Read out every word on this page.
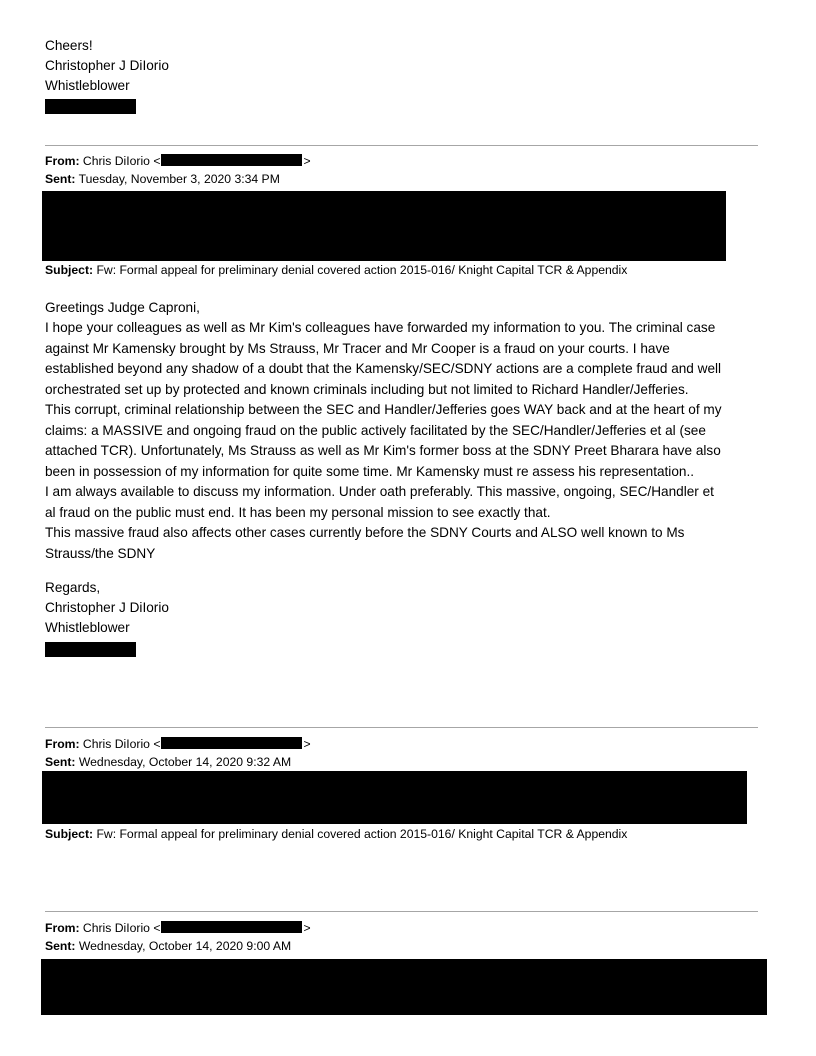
Cheers!
Christopher J DiIorio
Whistleblower
From: Chris DiIorio <	>
Sent: Tuesday, November 3, 2020 3:34 PM
Subject: Fw: Formal appeal for preliminary denial covered action 2015-016/ Knight Capital TCR & Appendix
Greetings Judge Caproni,
I hope your colleagues as well as Mr Kim's colleagues have forwarded my information to you. The criminal case
against Mr Kamensky brought by Ms Strauss, Mr Tracer and Mr Cooper is a fraud on your courts. I have
established beyond any shadow of a doubt that the Kamensky/SEC/SDNY actions are a complete fraud and well
orchestrated set up by protected and known criminals including but not limited to Richard Handler/Jefferies.
This corrupt, criminal relationship between the SEC and Handler/Jefferies goes WAY back and at the heart of my
claims: a MASSIVE and ongoing fraud on the public actively facilitated by the SEC/Handler/Jefferies et al (see
attached TCR). Unfortunately, Ms Strauss as well as Mr Kim's former boss at the SDNY Preet Bharara have also
been in possession of my information for quite some time. Mr Kamensky must re assess his representation..
I am always available to discuss my information. Under oath preferably. This massive, ongoing, SEC/Handler et
al fraud on the public must end. It has been my personal mission to see exactly that.
This massive fraud also affects other cases currently before the SDNY Courts and ALSO well known to Ms
Strauss/the SDNY
Regards,
Christopher J DiIorio
Whistleblower
From: Chris DiIorio <	>
Sent: Wednesday, October 14, 2020 9:32 AM
Subject: Fw: Formal appeal for preliminary denial covered action 2015-016/ Knight Capital TCR & Appendix
From: Chris DiIorio <	>
Sent: Wednesday, October 14, 2020 9:00 AM
